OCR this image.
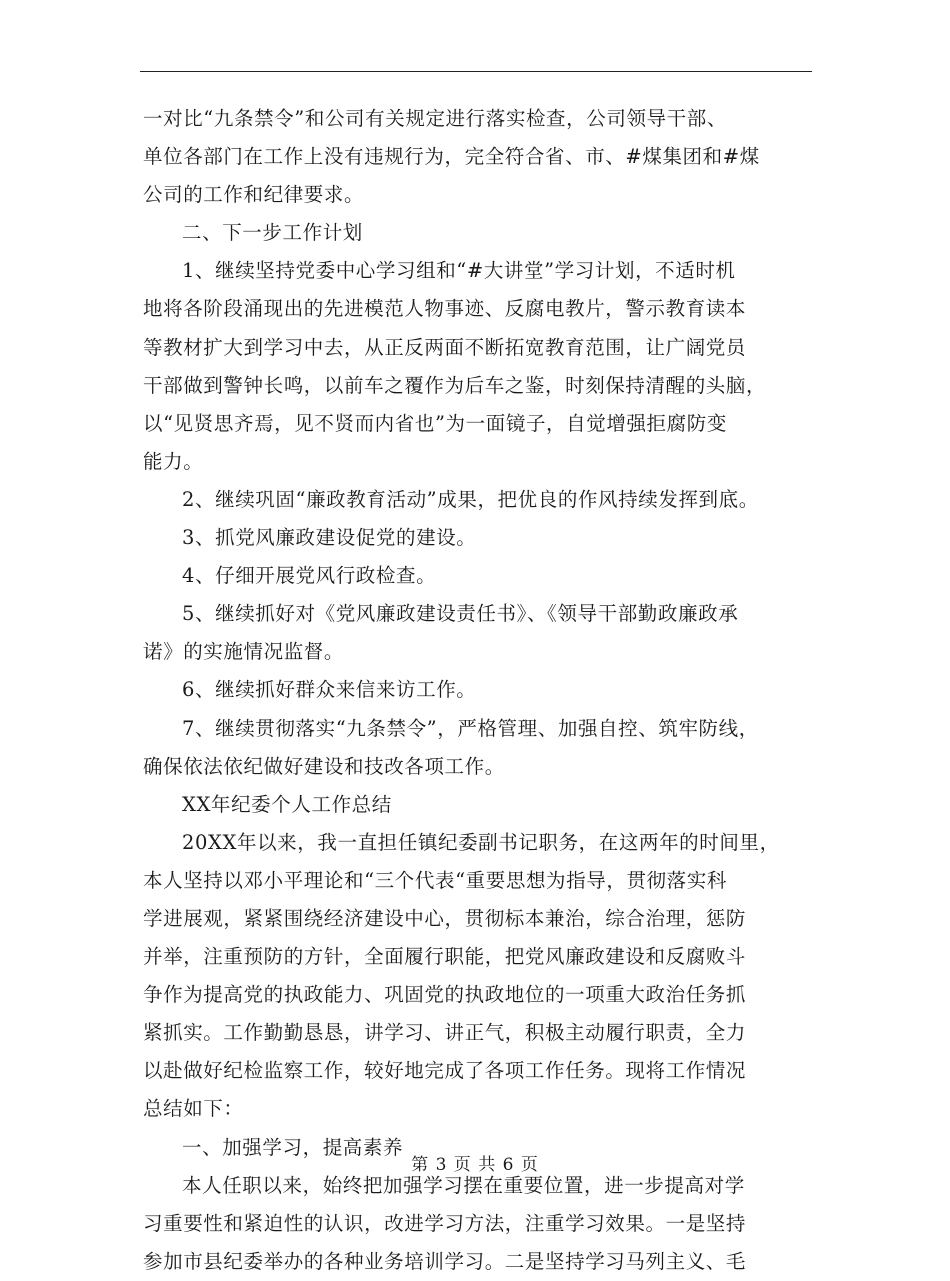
一对比“九条禁令”和公司有关规定进行落实检查，公司领导干部、
单位各部门在工作上没有违规行为，完全符合省、市、#煤集团和#煤
公司的工作和纪律要求。
二、下一步工作计划
1、继续坚持党委中心学习组和“#大讲堂”学习计划，不适时机
地将各阶段涌现出的先进模范人物事迹、反腐电教片，警示教育读本
等教材扩大到学习中去，从正反两面不断拓宽教育范围，让广阔党员
干部做到警钟长鸣，以前车之覆作为后车之鉴，时刻保持清醒的头脑，
以“见贤思齐焉，见不贤而内省也”为一面镜子，自觉增强拒腐防变
能力。
2、继续巩固“廉政教育活动”成果，把优良的作风持续发挥到底。
3、抓党风廉政建设促党的建设。
4、仔细开展党风行政检查。
5、继续抓好对《党风廉政建设责任书》、《领导干部勤政廉政承
诺》的实施情况监督。
6、继续抓好群众来信来访工作。
7、继续贯彻落实“九条禁令”，严格管理、加强自控、筑牢防线，
确保依法依纪做好建设和技改各项工作。
XX年纪委个人工作总结
20XX年以来，我一直担任镇纪委副书记职务，在这两年的时间里，
本人坚持以邓小平理论和“三个代表“重要思想为指导，贯彻落实科
学进展观，紧紧围绕经济建设中心，贯彻标本兼治，综合治理，惩防
并举，注重预防的方针，全面履行职能，把党风廉政建设和反腐败斗
争作为提高党的执政能力、巩固党的执政地位的一项重大政治任务抓
紧抓实。工作勤勤恳恳，讲学习、讲正气，积极主动履行职责，全力
以赴做好纪检监察工作，较好地完成了各项工作任务。现将工作情况
总结如下：
一、加强学习，提高素养
本人任职以来，始终把加强学习摆在重要位置，进一步提高对学
习重要性和紧迫性的认识，改进学习方法，注重学习效果。一是坚持
参加市县纪委举办的各种业务培训学习。二是坚持学习马列主义、毛
第 3 页 共 6 页
